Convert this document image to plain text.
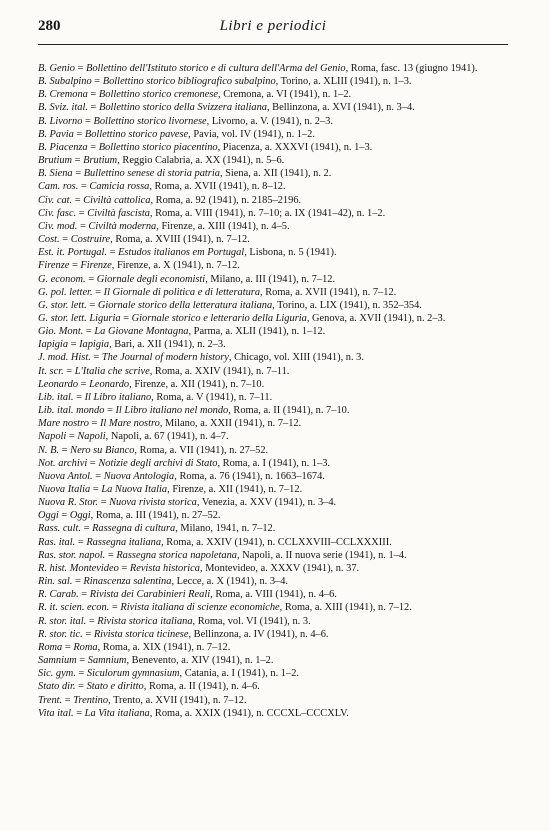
280	Libri e periodici
B. Genio = Bollettino dell'Istituto storico e di cultura dell'Arma del Genio, Roma, fasc. 13 (giugno 1941).
B. Subalpino = Bollettino storico bibliografico subalpino, Torino, a. XLIII (1941), n. 1–3.
B. Cremona = Bollettino storico cremonese, Cremona, a. VI (1941), n. 1–2.
B. Sviz. ital. = Bollettino storico della Svizzera italiana, Bellinzona, a. XVI (1941), n. 3–4.
B. Livorno = Bollettino storico livornese, Livorno, a. V. (1941), n. 2–3.
B. Pavia = Bollettino storico pavese, Pavia, vol. IV (1941), n. 1–2.
B. Piacenza = Bollettino storico piacentino, Piacenza, a. XXXVI (1941), n. 1–3.
Brutium = Brutium, Reggio Calabria, a. XX (1941), n. 5–6.
B. Siena = Bullettino senese di storia patria, Siena, a. XII (1941), n. 2.
Cam. ros. = Camicia rossa, Roma, a. XVII (1941), n. 8–12.
Civ. cat. = Civiltà cattolica, Roma, a. 92 (1941), n. 2185–2196.
Civ. fasc. = Civiltà fascista, Roma, a. VIII (1941), n. 7–10; a. IX (1941–42), n. 1–2.
Civ. mod. = Civiltà moderna, Firenze, a. XIII (1941), n. 4–5.
Cost. = Costruire, Roma, a. XVIII (1941), n. 7–12.
Est. it. Portugal. = Estudos italianos em Portugal, Lisbona, n. 5 (1941).
Firenze = Firenze, Firenze, a. X (1941), n. 7–12.
G. econom. = Giornale degli economisti, Milano, a. III (1941), n. 7–12.
G. pol. letter. = Il Giornale di politica e di letteratura, Roma, a. XVII (1941), n. 7–12.
G. stor. lett. = Giornale storico della letteratura italiana, Torino, a. LIX (1941), n. 352–354.
G. stor. lett. Liguria = Giornale storico e letterario della Liguria, Genova, a. XVII (1941), n. 2–3.
Gio. Mont. = La Giovane Montagna, Parma, a. XLII (1941), n. 1–12.
Iapigia = Iapigia, Bari, a. XII (1941), n. 2–3.
J. mod. Hist. = The Journal of modern history, Chicago, vol. XIII (1941), n. 3.
It. scr. = L'Italia che scrive, Roma, a. XXIV (1941), n. 7–11.
Leonardo = Leonardo, Firenze, a. XII (1941), n. 7–10.
Lib. ital. = Il Libro italiano, Roma, a. V (1941), n. 7–11.
Lib. ital. mondo = Il Libro italiano nel mondo, Roma, a. II (1941), n. 7–10.
Mare nostro = Il Mare nostro, Milano, a. XXII (1941), n. 7–12.
Napoli = Napoli, Napoli, a. 67 (1941), n. 4–7.
N. B. = Nero su Bianco, Roma, a. VII (1941), n. 27–52.
Not. archivi = Notizie degli archivi di Stato, Roma, a. I (1941), n. 1–3.
Nuova Antol. = Nuova Antologia, Roma, a. 76 (1941), n. 1663–1674.
Nuova Italia = La Nuova Italia, Firenze, a. XII (1941), n. 7–12.
Nuova R. Stor. = Nuova rivista storica, Venezia, a. XXV (1941), n. 3–4.
Oggi = Oggi, Roma, a. III (1941), n. 27–52.
Rass. cult. = Rassegna di cultura, Milano, 1941, n. 7–12.
Ras. ital. = Rassegna italiana, Roma, a. XXIV (1941), n. CCLXXVIII–CCLXXXIII.
Ras. stor. napol. = Rassegna storica napoletana, Napoli, a. II nuova serie (1941), n. 1–4.
R. hist. Montevideo = Revista historica, Montevideo, a. XXXV (1941), n. 37.
Rin. sal. = Rinascenza salentina, Lecce, a. X (1941), n. 3–4.
R. Carab. = Rivista dei Carabinieri Reali, Roma, a. VIII (1941), n. 4–6.
R. it. scien. econ. = Rivista italiana di scienze economiche, Roma, a. XIII (1941), n. 7–12.
R. stor. ital. = Rivista storica italiana, Roma, vol. VI (1941), n. 3.
R. stor. tic. = Rivista storica ticinese, Bellinzona, a. IV (1941), n. 4–6.
Roma = Roma, Roma, a. XIX (1941), n. 7–12.
Samnium = Samnium, Benevento, a. XIV (1941), n. 1–2.
Sic. gym. = Siculorum gymnasium, Catania, a. I (1941), n. 1–2.
Stato dir. = Stato e diritto, Roma, a. II (1941), n. 4–6.
Trent. = Trentino, Trento, a. XVII (1941), n. 7–12.
Vita ital. = La Vita italiana, Roma, a. XXIX (1941), n. CCCXL–CCCXLV.
